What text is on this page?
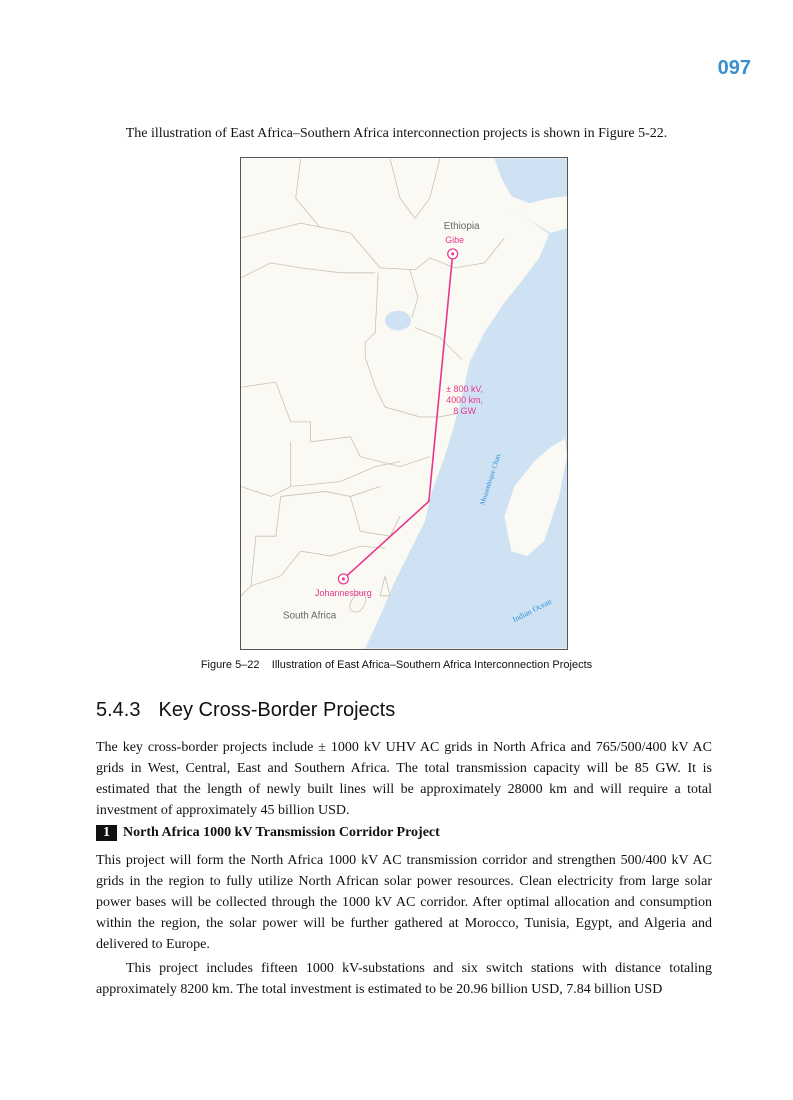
097
The illustration of East Africa–Southern Africa interconnection projects is shown in Figure 5-22.
Ethiopia
Gibe
± 800 kV,
4000 km,
8 GW
Johannesburg
South Africa
Mozambique Chan.
Indian Ocean
Figure 5–22    Illustration of East Africa–Southern Africa Interconnection Projects
5.4.3 Key Cross-Border Projects
The key cross-border projects include ± 1000 kV UHV AC grids in North Africa and 765/500/400 kV AC grids in West, Central, East and Southern Africa. The total transmission capacity will be 85 GW. It is estimated that the length of newly built lines will be approximately 28000 km and will require a total investment of approximately 45 billion USD.
1 North Africa 1000 kV Transmission Corridor Project
This project will form the North Africa 1000 kV AC transmission corridor and strengthen 500/400 kV AC grids in the region to fully utilize North African solar power resources. Clean electricity from large solar power bases will be collected through the 1000 kV AC corridor. After optimal allocation and consumption within the region, the solar power will be further gathered at Morocco, Tunisia, Egypt, and Algeria and delivered to Europe.
This project includes fifteen 1000 kV-substations and six switch stations with distance totaling approximately 8200 km. The total investment is estimated to be 20.96 billion USD, 7.84 billion USD
